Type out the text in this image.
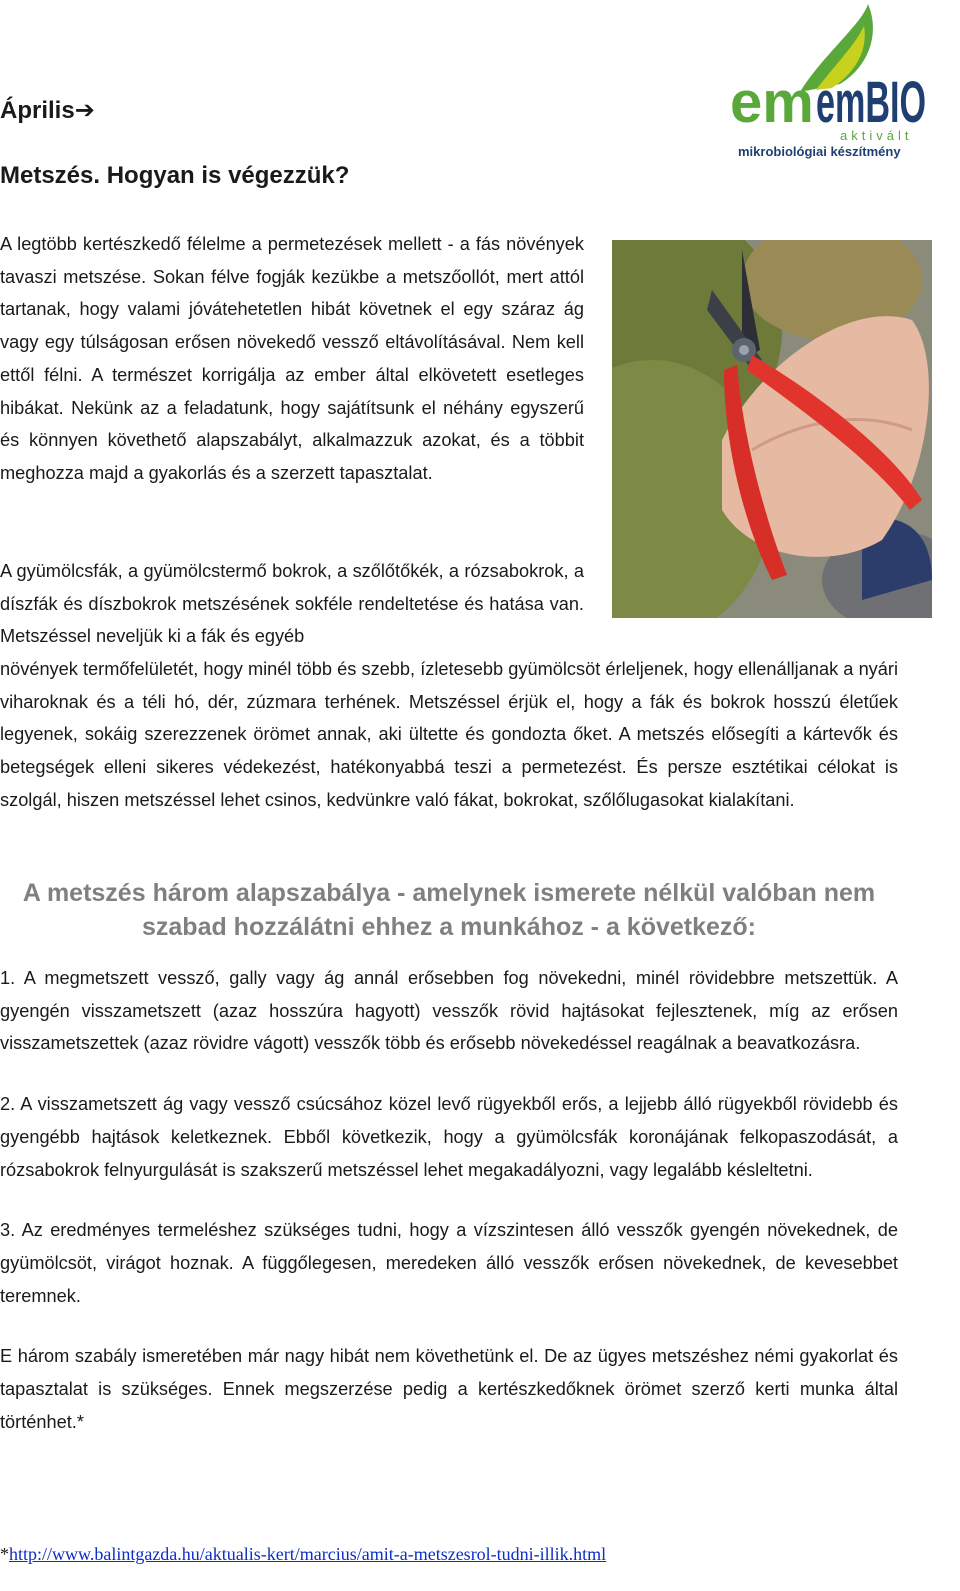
em emBIO
aktivált
mikrobiológiai készítmény
Április➔
Metszés. Hogyan is végezzük?

A legtöbb kertészkedő félelme a permetezések mellett - a fás növények tavaszi metszése. Sokan félve fogják kezükbe a metszőollót, mert attól tartanak, hogy valami jóvátehetetlen hibát követnek el egy száraz ág vagy egy túlságosan erősen növekedő vessző eltávolításával. Nem kell ettől félni. A természet korrigálja az ember által elkövetett esetleges hibákat. Nekünk az a feladatunk, hogy sajátítsunk el néhány egyszerű és könnyen követhető alapszabályt, alkalmazzuk azokat, és a többit meghozza majd a gyakorlás és a szerzett tapasztalat.

A gyümölcsfák, a gyümölcstermő bokrok, a szőlőtőkék, a rózsabokrok, a díszfák és díszbokrok metszésének sokféle rendeltetése és hatása van. Metszéssel neveljük ki a fák és egyéb

növények termőfelületét, hogy minél több és szebb, ízletesebb gyümölcsöt érleljenek, hogy ellenálljanak a nyári viharoknak és a téli hó, dér, zúzmara terhének. Metszéssel érjük el, hogy a fák és bokrok hosszú életűek legyenek, sokáig szerezzenek örömet annak, aki ültette és gondozta őket. A metszés elősegíti a kártevők és betegségek elleni sikeres védekezést, hatékonyabbá teszi a permetezést. És persze esztétikai célokat is szolgál, hiszen metszéssel lehet csinos, kedvünkre való fákat, bokrokat, szőlőlugasokat kialakítani.

A metszés három alapszabálya - amelynek ismerete nélkül valóban nem szabad hozzálátni ehhez a munkához - a következő:

1. A megmetszett vessző, gally vagy ág annál erősebben fog növekedni, minél rövidebbre metszettük. A gyengén visszametszett (azaz hosszúra hagyott) vesszők rövid hajtásokat fejlesztenek, míg az erősen visszametszettek (azaz rövidre vágott) vesszők több és erősebb növekedéssel reagálnak a beavatkozásra.

2. A visszametszett ág vagy vessző csúcsához közel levő rügyekből erős, a lejjebb álló rügyekből rövidebb és gyengébb hajtások keletkeznek. Ebből következik, hogy a gyümölcsfák koronájának felkopaszodását, a rózsabokrok felnyurgulását is szakszerű metszéssel lehet megakadályozni, vagy legalább késleltetni.

3. Az eredményes termeléshez szükséges tudni, hogy a vízszintesen álló vesszők gyengén növekednek, de gyümölcsöt, virágot hoznak. A függőlegesen, meredeken álló vesszők erősen növekednek, de kevesebbet teremnek.

E három szabály ismeretében már nagy hibát nem követhetünk el. De az ügyes metszéshez némi gyakorlat és tapasztalat is szükséges. Ennek megszerzése pedig a kertészkedőknek örömet szerző kerti munka által történhet.*

*http://www.balintgazda.hu/aktualis-kert/marcius/amit-a-metszesrol-tudni-illik.html
